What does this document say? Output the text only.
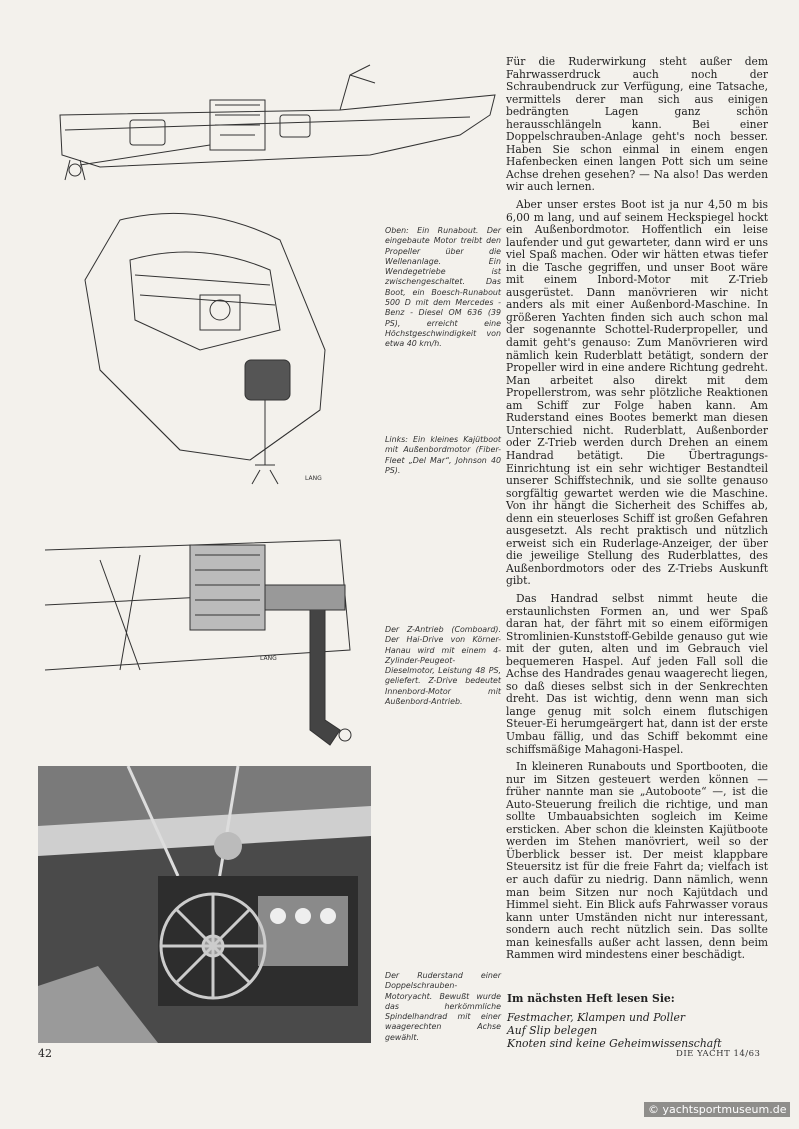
LANG
LANG
Oben: Ein Runabout. Der eingebaute Motor treibt den Propeller über die Wellenanlage. Ein Wendegetriebe ist zwischengeschaltet. Das Boot, ein Boesch-Runabout 500 D mit dem Mercedes - Benz - Diesel OM 636 (39 PS), erreicht eine Höchstgeschwindigkeit von etwa 40 km/h.
Links: Ein kleines Kajütboot mit Außenbordmotor (Fiber-Fleet „Del Mar“, Johnson 40 PS).
Der Z-Antrieb (Comboard). Der Hai-Drive von Körner-Hanau wird mit einem 4-Zylinder-Peugeot-Dieselmotor, Leistung 48 PS, geliefert. Z-Drive bedeutet Innenbord-Motor mit Außenbord-Antrieb.
Der Ruderstand einer Doppelschrauben-Motoryacht. Bewußt wurde das herkömmliche Spindelhandrad mit einer waagerechten Achse gewählt.

Für die Ruderwirkung steht außer dem Fahrwasserdruck auch noch der Schraubendruck zur Verfügung, eine Tatsache, vermittels derer man sich aus einigen bedrängten Lagen ganz schön herausschlängeln kann. Bei einer Doppelschrauben-Anlage geht's noch besser. Haben Sie schon einmal in einem engen Hafenbecken einen langen Pott sich um seine Achse drehen gesehen? — Na also! Das werden wir auch lernen.

Aber unser erstes Boot ist ja nur 4,50 m bis 6,00 m lang, und auf seinem Heckspiegel hockt ein Außenbordmotor. Hoffentlich ein leise laufender und gut gewarteter, dann wird er uns viel Spaß machen. Oder wir hätten etwas tiefer in die Tasche gegriffen, und unser Boot wäre mit einem Inbord-Motor mit Z-Trieb ausgerüstet. Dann manövrieren wir nicht anders als mit einer Außenbord-Maschine. In größeren Yachten finden sich auch schon mal der sogenannte Schottel-Ruderpropeller, und damit geht's genauso: Zum Manövrieren wird nämlich kein Ruderblatt betätigt, sondern der Propeller wird in eine andere Richtung gedreht. Man arbeitet also direkt mit dem Propellerstrom, was sehr plötzliche Reaktionen am Schiff zur Folge haben kann. Am Ruderstand eines Bootes bemerkt man diesen Unterschied nicht. Ruderblatt, Außenborder oder Z-Trieb werden durch Drehen an einem Handrad betätigt. Die Übertragungs-Einrichtung ist ein sehr wichtiger Bestandteil unserer Schiffstechnik, und sie sollte genauso sorgfältig gewartet werden wie die Maschine. Von ihr hängt die Sicherheit des Schiffes ab, denn ein steuerloses Schiff ist großen Gefahren ausgesetzt. Als recht praktisch und nützlich erweist sich ein Ruderlage-Anzeiger, der über die jeweilige Stellung des Ruderblattes, des Außenbordmotors oder des Z-Triebs Auskunft gibt.

Das Handrad selbst nimmt heute die erstaunlichsten Formen an, und wer Spaß daran hat, der fährt mit so einem eiförmigen Stromlinien-Kunststoff-Gebilde genauso gut wie mit der guten, alten und im Gebrauch viel bequemeren Haspel. Auf jeden Fall soll die Achse des Handrades genau waagerecht liegen, so daß dieses selbst sich in der Senkrechten dreht. Das ist wichtig, denn wenn man sich lange genug mit solch einem flutschigen Steuer-Ei herumgeärgert hat, dann ist der erste Umbau fällig, und das Schiff bekommt eine schiffsmäßige Mahagoni-Haspel.

In kleineren Runabouts und Sportbooten, die nur im Sitzen gesteuert werden können — früher nannte man sie „Autoboote“ —, ist die Auto-Steuerung freilich die richtige, und man sollte Umbauabsichten sogleich im Keime ersticken. Aber schon die kleinsten Kajütboote werden im Stehen manövriert, weil so der Überblick besser ist. Der meist klappbare Steuersitz ist für die freie Fahrt da; vielfach ist er auch dafür zu niedrig. Dann nämlich, wenn man beim Sitzen nur noch Kajütdach und Himmel sieht. Ein Blick aufs Fahrwasser voraus kann unter Umständen nicht nur interessant, sondern auch recht nützlich sein. Das sollte man keinesfalls außer acht lassen, denn beim Rammen wird mindestens einer beschädigt.

Im nächsten Heft lesen Sie:
Festmacher, Klampen und Poller
Auf Slip belegen
Knoten sind keine Geheimwissenschaft
42	DIE YACHT 14/63
© yachtsportmuseum.de
